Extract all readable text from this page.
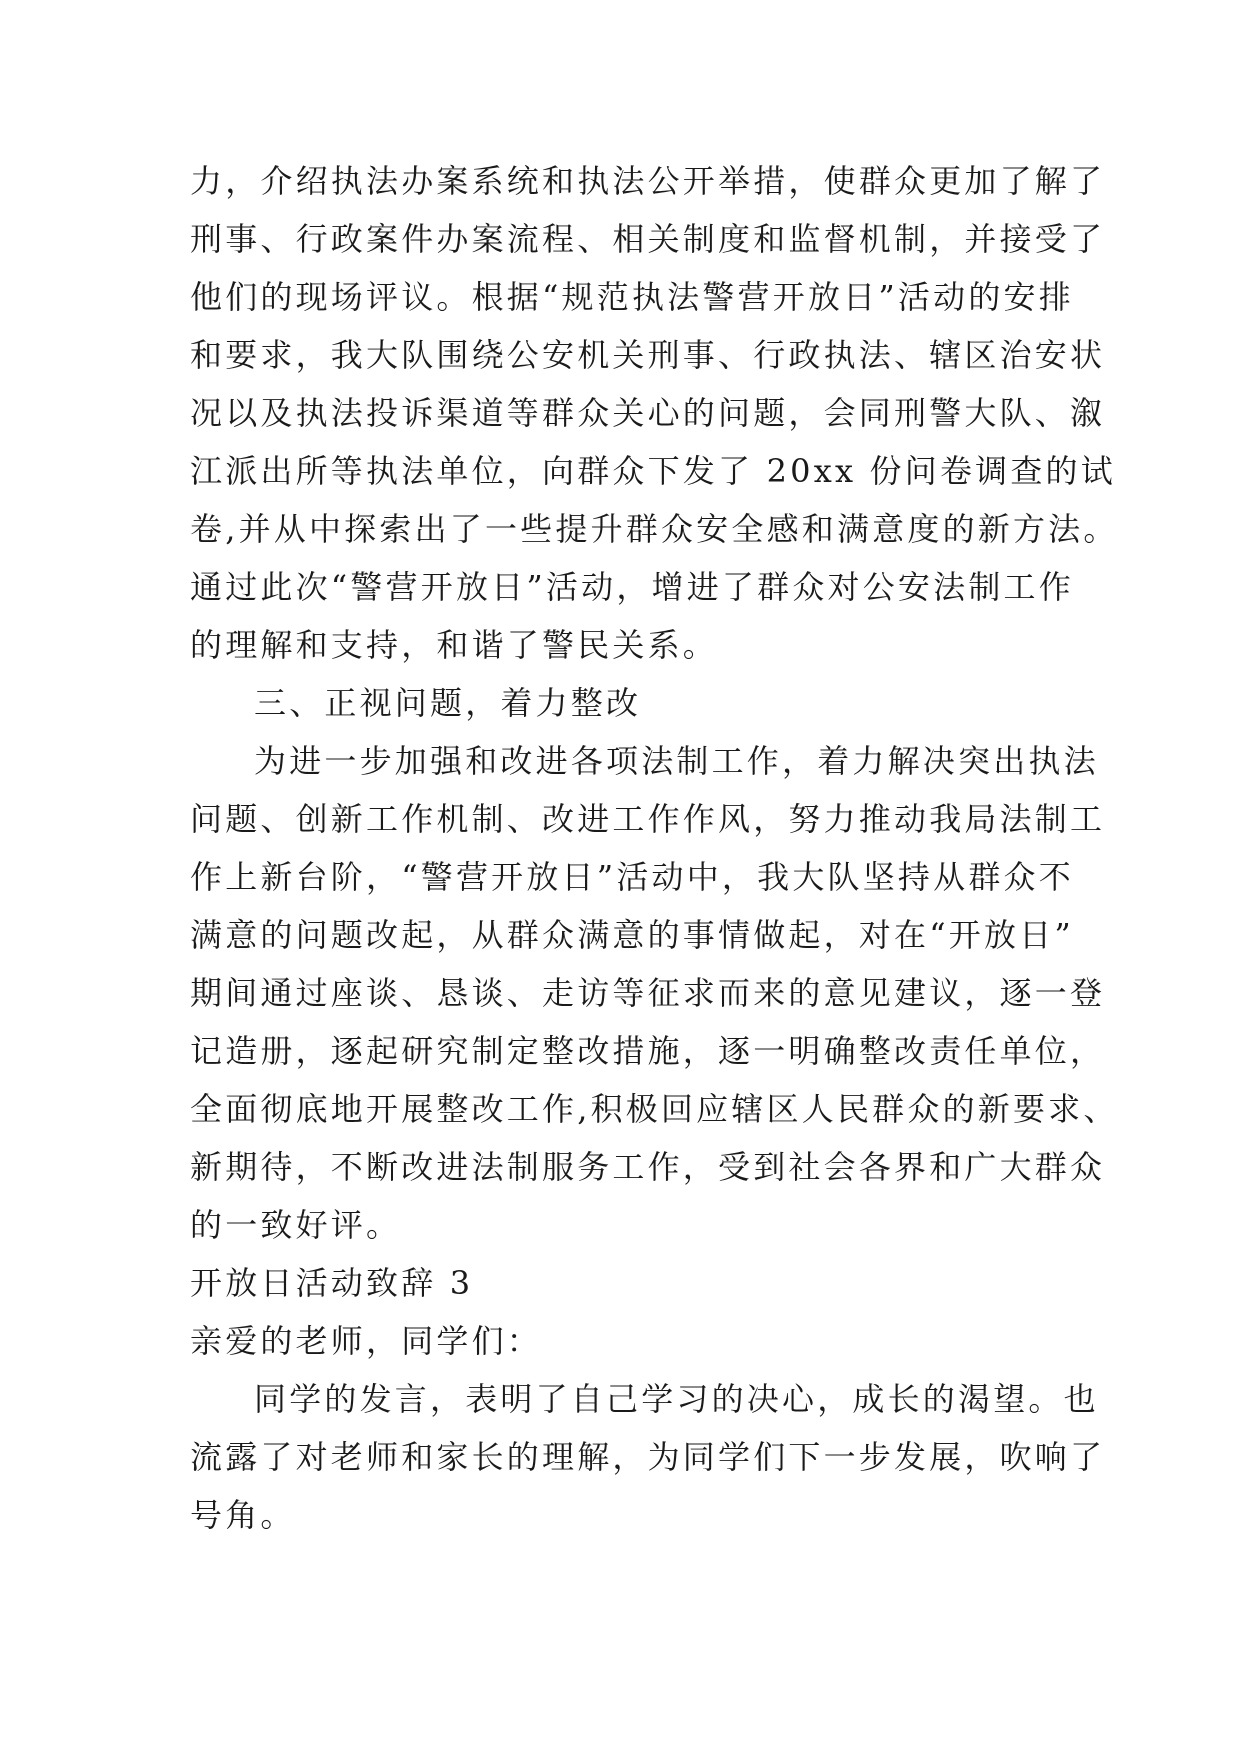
力，介绍执法办案系统和执法公开举措，使群众更加了解了
刑事、行政案件办案流程、相关制度和监督机制，并接受了
他们的现场评议。根据“规范执法警营开放日”活动的安排
和要求，我大队围绕公安机关刑事、行政执法、辖区治安状
况以及执法投诉渠道等群众关心的问题，会同刑警大队、溆
江派出所等执法单位，向群众下发了 20xx 份问卷调查的试
卷,并从中探索出了一些提升群众安全感和满意度的新方法。
通过此次“警营开放日”活动，增进了群众对公安法制工作
的理解和支持，和谐了警民关系。
三、正视问题，着力整改
为进一步加强和改进各项法制工作，着力解决突出执法
问题、创新工作机制、改进工作作风，努力推动我局法制工
作上新台阶，“警营开放日”活动中，我大队坚持从群众不
满意的问题改起，从群众满意的事情做起，对在“开放日”
期间通过座谈、恳谈、走访等征求而来的意见建议，逐一登
记造册，逐起研究制定整改措施，逐一明确整改责任单位，
全面彻底地开展整改工作,积极回应辖区人民群众的新要求、
新期待，不断改进法制服务工作，受到社会各界和广大群众
的一致好评。
开放日活动致辞 3
亲爱的老师，同学们：
同学的发言，表明了自己学习的决心，成长的渴望。也
流露了对老师和家长的理解，为同学们下一步发展，吹响了
号角。
